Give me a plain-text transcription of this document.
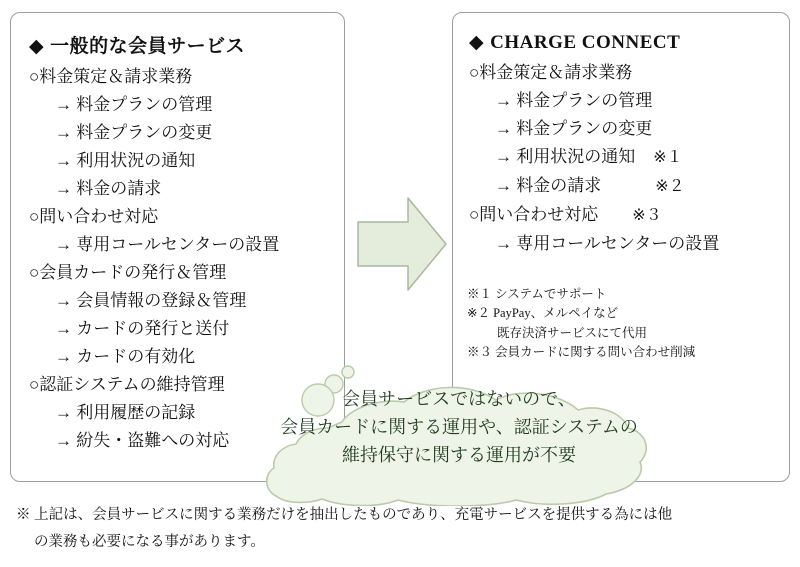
◆ 一般的な会員サービス
○料金策定＆請求業務
→ 料金プランの管理
→ 料金プランの変更
→ 利用状況の通知
→ 料金の請求
○問い合わせ対応
→ 専用コールセンターの設置
○会員カードの発行＆管理
→ 会員情報の登録＆管理
→ カードの発行と送付
→ カードの有効化
○認証システムの維持管理
→ 利用履歴の記録
→ 紛失・盗難への対応
◆ CHARGE CONNECT
○料金策定＆請求業務
→ 料金プランの管理
→ 料金プランの変更
→ 利用状況の通知 ※１
→ 料金の請求	※２
○問い合わせ対応 ※３
→ 専用コールセンターの設置
※１ システムでサポート
※２ PayPay、メルペイなど
既存決済サービスにて代用
※３ 会員カードに関する問い合わせ削減
会員サービスではないので、
会員カードに関する運用や、認証システムの
維持保守に関する運用が不要
※ 上記は、会員サービスに関する業務だけを抽出したものであり、充電サービスを提供する為には他
の業務も必要になる事があります。
